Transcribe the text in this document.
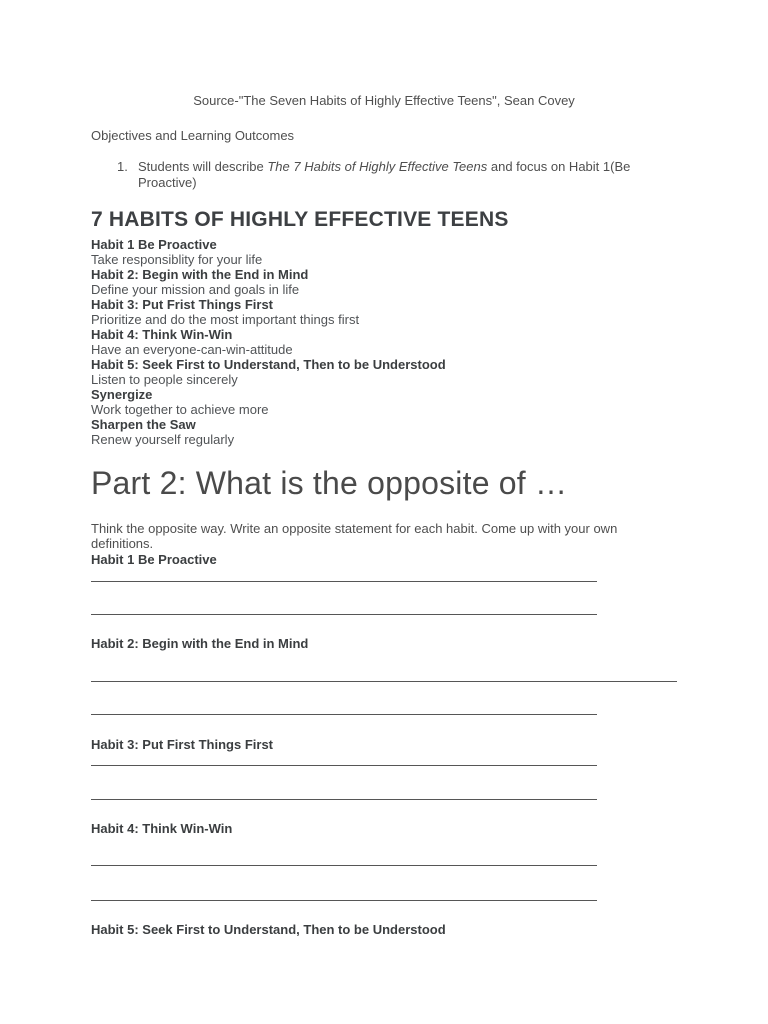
Source-"The Seven Habits of Highly Effective Teens", Sean Covey
Objectives and Learning Outcomes
1. Students will describe The 7 Habits of Highly Effective Teens and focus on Habit 1(Be
Proactive)
7 HABITS OF HIGHLY EFFECTIVE TEENS
Habit 1 Be Proactive
Take responsiblity for your life
Habit 2: Begin with the End in Mind
Define your mission and goals in life
Habit 3: Put Frist Things First
Prioritize and do the most important things first
Habit 4: Think Win-Win
Have an everyone-can-win-attitude
Habit 5: Seek First to Understand, Then to be Understood
Listen to people sincerely
Synergize
Work together to achieve more
Sharpen the Saw
Renew yourself regularly
Part 2: What is the opposite of …
Think the opposite way. Write an opposite statement for each habit. Come up with your own
definitions.
Habit 1 Be Proactive
Habit 2: Begin with the End in Mind
Habit 3: Put First Things First
Habit 4: Think Win-Win
Habit 5: Seek First to Understand, Then to be Understood
